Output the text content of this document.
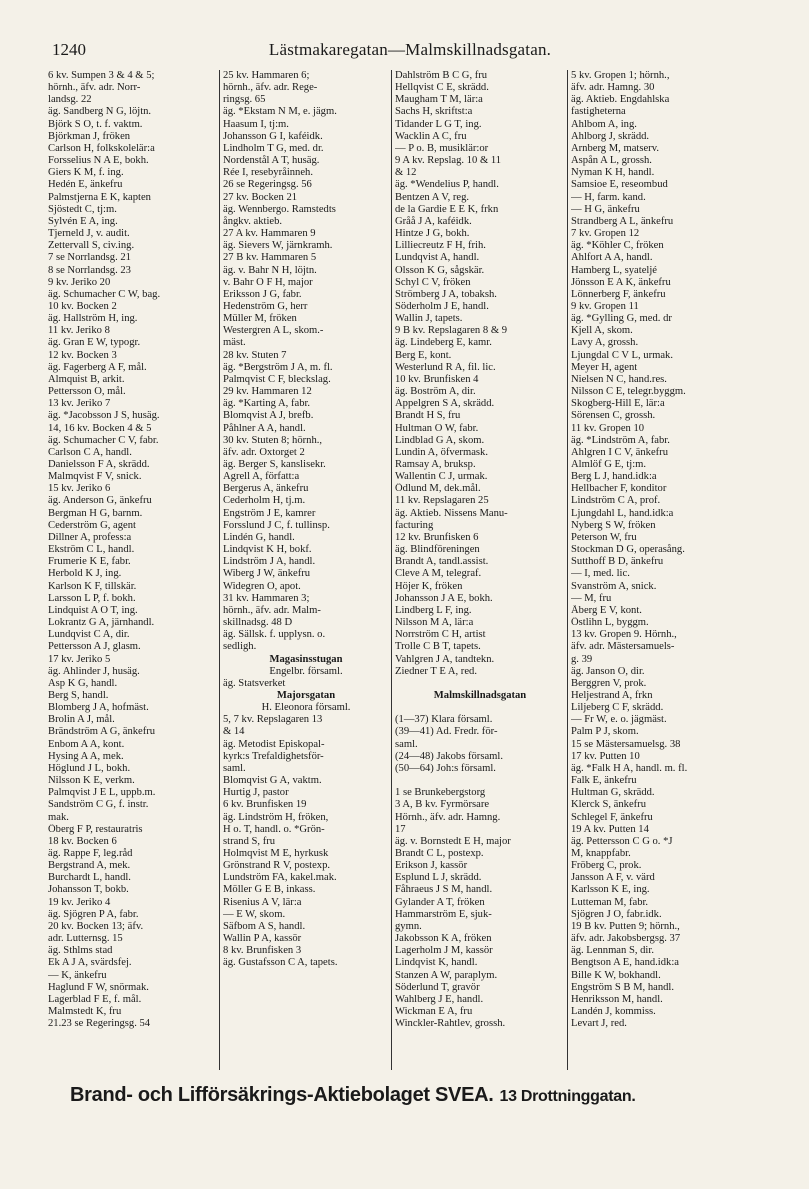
1240	Lästmakaregatan—Malmskillnadsgatan.
6 kv. Sumpen 3 & 4 & 5;
hörnh., äfv. adr. Norr-
landsg. 22
äg. Sandberg N G, löjtn.
Björk S O, t. f. vaktm.
Björkman J, fröken
Carlson H, folkskolelär:a
Forsselius N A E, bokh.
Giers K M, f. ing.
Hedén E, änkefru
Palmstjerna E K, kapten
Sjöstedt C, tj:m.
Sylvén E A, ing.
Tjerneld J, v. audit.
Zettervall S, civ.ing.
7 se Norrlandsg. 21
8 se Norrlandsg. 23
9 kv. Jeriko 20
äg. Schumacher C W, bag.
10 kv. Bocken 2
äg. Hallström H, ing.
11 kv. Jeriko 8
äg. Gran E W, typogr.
12 kv. Bocken 3
äg. Fagerberg A F, mål.
Almquist B, arkit.
Pettersson O, mål.
13 kv. Jeriko 7
äg. *Jacobsson J S, husäg.
14, 16 kv. Bocken 4 & 5
äg. Schumacher C V, fabr.
Carlson C A, handl.
Danielsson F A, skrädd.
Malmqvist F V, snick.
15 kv. Jeriko 6
äg. Anderson G, änkefru
Bergman H G, barnm.
Cederström G, agent
Dillner A, profess:a
Ekström C L, handl.
Frumerie K E, fabr.
Herbold K J, ing.
Karlson K F, tillskär.
Larsson L P, f. bokh.
Lindquist A O T, ing.
Lokrantz G A, järnhandl.
Lundqvist C A, dir.
Pettersson A J, glasm.
17 kv. Jeriko 5
äg. Ahlinder J, husäg.
Asp K G, handl.
Berg S, handl.
Blomberg J A, hofmäst.
Brolin A J, mål.
Brändström A G, änkefru
Enbom A A, kont.
Hysing A A, mek.
Höglund J L, bokh.
Nilsson K E, verkm.
Palmqvist J E L, uppb.m.
Sandström C G, f. instr.
mak.
Öberg F P, restauratris
18 kv. Bocken 6
äg. Rappe F, leg.råd
Bergstrand A, mek.
Burchardt L, handl.
Johansson T, bokb.
19 kv. Jeriko 4
äg. Sjögren P A, fabr.
20 kv. Bocken 13; äfv.
adr. Lutternsg. 15
äg. Sthlms stad
Ek A J A, svärdsfej.
— K, änkefru
Haglund F W, snörmak.
Lagerblad F E, f. mål.
Malmstedt K, fru
21.23 se Regeringsg. 54
25 kv. Hammaren 6;
hörnh., äfv. adr. Rege-
ringsg. 65
äg. *Ekstam N M, e. jägm.
Haasum I, tj:m.
Johansson G I, kaféidk.
Lindholm T G, med. dr.
Nordenstål A T, husäg.
Rée I, resebyråinneh.
26 se Regeringsg. 56
27 kv. Bocken 21
äg. Wennbergo. Ramstedts
ångkv. aktieb.
27 A kv. Hammaren 9
äg. Sievers W, järnkramh.
27 B kv. Hammaren 5
äg. v. Bahr N H, löjtn.
v. Bahr O F H, major
Eriksson J G, fabr.
Hedenström G, herr
Müller M, fröken
Westergren A L, skom.-
mäst.
28 kv. Stuten 7
äg. *Bergström J A, m. fl.
Palmqvist C F, bleckslag.
29 kv. Hammaren 12
äg. *Karting A, fabr.
Blomqvist A J, brefb.
Påhlner A A, handl.
30 kv. Stuten 8; hörnh.,
äfv. adr. Oxtorget 2
äg. Berger S, kanslisekr.
Agrell A, författ:a
Bergerus A, änkefru
Cederholm H, tj.m.
Engström J E, kamrer
Forsslund J C, f. tullinsp.
Lindén G, handl.
Lindqvist K H, bokf.
Lindström J A, handl.
Wiberg J W, änkefru
Widegren O, apot.
31 kv. Hammaren 3;
hörnh., äfv. adr. Malm-
skillnadsg. 48 D
äg. Sällsk. f. upplysn. o.
sedligh.
Magasinsstugan
Engelbr. församl.
äg. Statsverket
Majorsgatan
H. Eleonora församl.
5, 7 kv. Repslagaren 13
& 14
äg. Metodist Episkopal-
kyrk:s Trefaldighetsför-
saml.
Blomqvist G A, vaktm.
Hurtig J, pastor
6 kv. Brunfisken 19
äg. Lindström H, fröken,
H o. T, handl. o. *Grön-
strand S, fru
Holmqvist M E, hyrkusk
Grönstrand R V, postexp.
Lundström FA, kakel.mak.
Möller G E B, inkass.
Risenius A V, lär:a
— E W, skom.
Säfbom A S, handl.
Wallin P A, kassör
8 kv. Brunfisken 3
äg. Gustafsson C A, tapets.
Dahlström B C G, fru
Hellqvist C E, skrädd.
Maugham T M, lär:a
Sachs H, skriftst:a
Tidander L G T, ing.
Wacklin A C, fru
— P o. B, musiklär:or
9 A kv. Repslag. 10 & 11
& 12
äg. *Wendelius P, handl.
Bentzen A V, reg.
de la Gardie E E K, frkn
Gråå J A, kaféidk.
Hintze J G, bokh.
Lilliecreutz F H, frih.
Lundqvist A, handl.
Olsson K G, sågskär.
Schyl C V, fröken
Strömberg J A, tobaksh.
Söderholm J E, handl.
Wallin J, tapets.
9 B kv. Repslagaren 8 & 9
äg. Lindeberg E, kamr.
Berg E, kont.
Westerlund R A, fil. lic.
10 kv. Brunfisken 4
äg. Boström A, dir.
Appelgren S A, skrädd.
Brandt H S, fru
Hultman O W, fabr.
Lindblad G A, skom.
Lundin A, öfvermask.
Ramsay A, bruksp.
Wallentin C J, urmak.
Ödlund M, dek.mål.
11 kv. Repslagaren 25
äg. Aktieb. Nissens Manu-
facturing
12 kv. Brunfisken 6
äg. Blindföreningen
Brandt A, tandl.assist.
Cleve A M, telegraf.
Höjer K, fröken
Johansson J A E, bokh.
Lindberg L F, ing.
Nilsson M A, lär:a
Norrström C H, artist
Trolle C B T, tapets.
Vahlgren J A, tandtekn.
Ziedner T E A, red.

Malmskillnadsgatan

(1—37) Klara församl.
(39—41) Ad. Fredr. för-
saml.
(24—48) Jakobs församl.
(50—64) Joh:s församl.

1 se Brunkebergstorg
3 A, B kv. Fyrmörsare
Hörnh., äfv. adr. Hamng.
17
äg. v. Bornstedt E H, major
Brandt C L, postexp.
Erikson J, kassör
Esplund L J, skrädd.
Fåhraeus J S M, handl.
Gylander A T, fröken
Hammarström E, sjuk-
gymn.
Jakobsson K A, fröken
Lagerholm J M, kassör
Lindqvist K, handl.
Stanzen A W, paraplym.
Söderlund T, gravör
Wahlberg J E, handl.
Wickman E A, fru
Winckler-Rahtlev, grossh.
5 kv. Gropen 1; hörnh.,
äfv. adr. Hamng. 30
äg. Aktieb. Engdahlska
fastigheterna
Ahlbom A, ing.
Ahlborg J, skrädd.
Arnberg M, matserv.
Aspån A L, grossh.
Nyman K H, handl.
Samsioe E, reseombud
— H, farm. kand.
— H G, änkefru
Strandberg A L, änkefru
7 kv. Gropen 12
äg. *Köhler C, fröken
Ahlfort A A, handl.
Hamberg L, syateljé
Jönsson E A K, änkefru
Lönnerberg F, änkefru
9 kv. Gropen 11
äg. *Gylling G, med. dr
Kjell A, skom.
Lavy A, grossh.
Ljungdal C V L, urmak.
Meyer H, agent
Nielsen N C, hand.res.
Nilsson C E, telegr.byggm.
Skogberg-Hill E, lär:a
Sörensen C, grossh.
11 kv. Gropen 10
äg. *Lindström A, fabr.
Ahlgren I C V, änkefru
Almlöf G E, tj:m.
Berg L J, hand.idk:a
Hellbacher F, konditor
Lindström C A, prof.
Ljungdahl L, hand.idk:a
Nyberg S W, fröken
Peterson W, fru
Stockman D G, operasång.
Sutthoff B D, änkefru
— I, med. lic.
Svanström A, snick.
— M, fru
Åberg E V, kont.
Östlihn L, byggm.
13 kv. Gropen 9. Hörnh.,
äfv. adr. Mästersamuels-
g. 39
äg. Janson O, dir.
Berggren V, prok.
Heljestrand A, frkn
Liljeberg C F, skrädd.
— Fr W, e. o. jägmäst.
Palm P J, skom.
15 se Mästersamuelsg. 38
17 kv. Putten 10
äg. *Falk H A, handl. m. fl.
Falk E, änkefru
Hultman G, skrädd.
Klerck S, änkefru
Schlegel F, änkefru
19 A kv. Putten 14
äg. Pettersson C G o. *J
M, knappfabr.
Fröberg C, prok.
Jansson A F, v. värd
Karlsson K E, ing.
Lutteman M, fabr.
Sjögren J O, fabr.idk.
19 B kv. Putten 9; hörnh.,
äfv. adr. Jakobsbergsg. 37
äg. Lennman S, dir.
Bengtson A E, hand.idk:a
Bille K W, bokhandl.
Engström S B M, handl.
Henriksson M, handl.
Landén J, kommiss.
Levart J, red.
Brand- och Lifförsäkrings-Aktiebolaget SVEA. 13 Drottninggatan.
